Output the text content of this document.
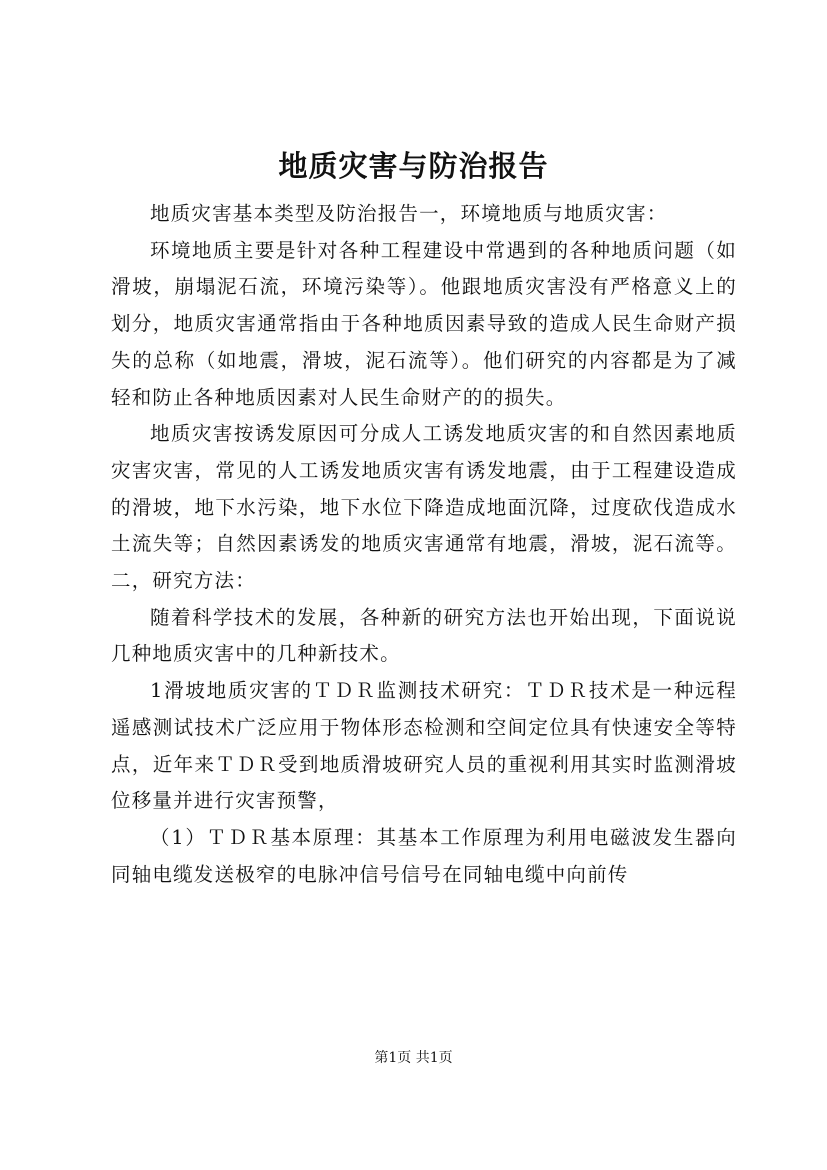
地质灾害与防治报告

地质灾害基本类型及防治报告一，环境地质与地质灾害：

环境地质主要是针对各种工程建设中常遇到的各种地质问题（如滑坡，崩塌泥石流，环境污染等）。他跟地质灾害没有严格意义上的划分，地质灾害通常指由于各种地质因素导致的造成人民生命财产损失的总称（如地震，滑坡，泥石流等）。他们研究的内容都是为了减轻和防止各种地质因素对人民生命财产的的损失。

地质灾害按诱发原因可分成人工诱发地质灾害的和自然因素地质灾害灾害，常见的人工诱发地质灾害有诱发地震，由于工程建设造成的滑坡，地下水污染，地下水位下降造成地面沉降，过度砍伐造成水土流失等；自然因素诱发的地质灾害通常有地震，滑坡，泥石流等。二，研究方法：

随着科学技术的发展，各种新的研究方法也开始出现，下面说说几种地质灾害中的几种新技术。

1滑坡地质灾害的ＴＤＲ监测技术研究：ＴＤＲ技术是一种远程遥感测试技术广泛应用于物体形态检测和空间定位具有快速安全等特点，近年来ＴＤＲ受到地质滑坡研究人员的重视利用其实时监测滑坡位移量并进行灾害预警，

（1）ＴＤＲ基本原理：其基本工作原理为利用电磁波发生器向同轴电缆发送极窄的电脉冲信号信号在同轴电缆中向前传

第1页 共1页
